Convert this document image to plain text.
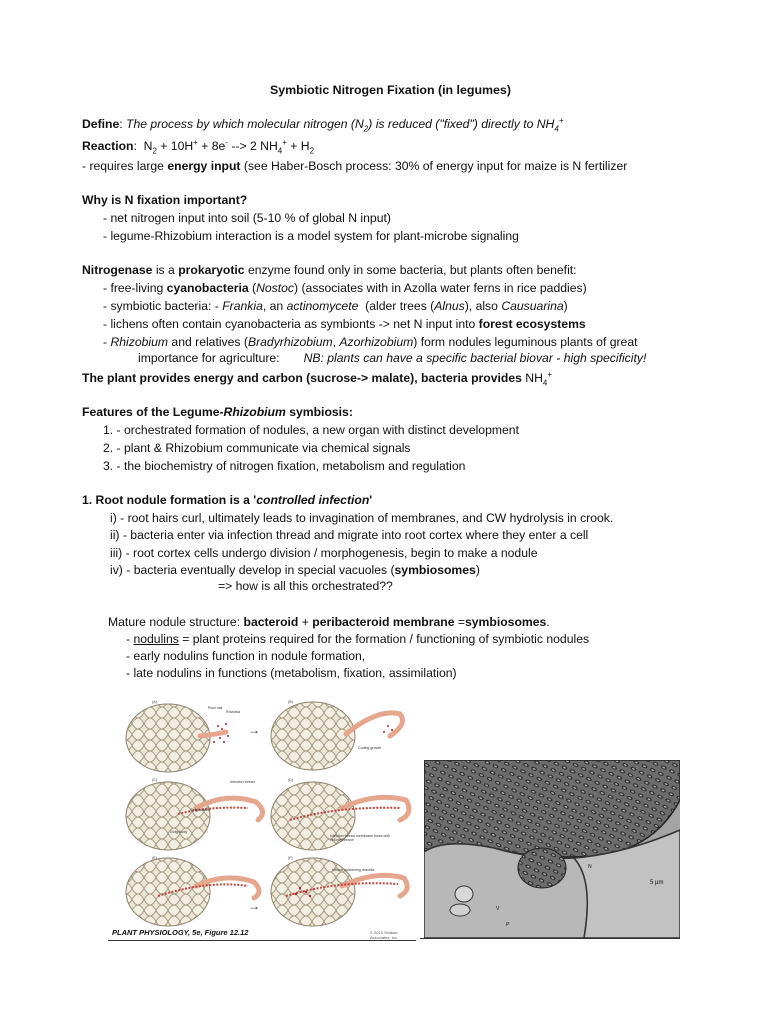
Symbiotic Nitrogen Fixation (in legumes)
Define: The process by which molecular nitrogen $(N_2)$ is reduced ("fixed") directly to $NH_4^+$
Reaction:  $N_2 + 10H^+ + 8e^-$ --> 2 $NH_4^+ + H_2$
- requires large energy input (see Haber-Bosch process: 30% of energy input for maize is N fertilizer
Why is N fixation important?
- net nitrogen input into soil (5-10 % of global N input)
- legume-Rhizobium interaction is a model system for plant-microbe signaling
Nitrogenase is a prokaryotic enzyme found only in some bacteria, but plants often benefit:
- free-living cyanobacteria (Nostoc) (associates with in Azolla water ferns in rice paddies)
- symbiotic bacteria: - Frankia, an actinomycete  (alder trees (Alnus), also Causuarina)
- lichens often contain cyanobacteria as symbionts -> net N input into forest ecosystems
- Rhizobium and relatives (Bradyrhizobium, Azorhizobium) form nodules leguminous plants of great
importance for agriculture: NB: plants can have a specific bacterial biovar - high specificity!
The plant provides energy and carbon (sucrose-> malate), bacteria provides $NH_4^+$
Features of the Legume-Rhizobium symbiosis:
1. - orchestrated formation of nodules, a new organ with distinct development
2. - plant & Rhizobium communicate via chemical signals
3. - the biochemistry of nitrogen fixation, metabolism and regulation
1. Root nodule formation is a 'controlled infection'
i) - root hairs curl, ultimately leads to invagination of membranes, and CW hydrolysis in crook.
ii) - bacteria enter via infection thread and migrate into root cortex where they enter a cell
iii) - root cortex cells undergo division / morphogenesis, begin to make a nodule
iv) - bacteria eventually develop in special vacuoles (symbiosomes)
=> how is all this orchestrated??
Mature nodule structure: bacteroid + peribacteroid membrane =symbiosomes.
- nodulins = plant proteins required for the formation / functioning of symbiotic nodules
- early nodulins function in nodule formation,
- late nodulins in functions (metabolism, fixation, assimilation)
→
→
(A)	(B)
(C)	(D)
(E)	(F)
Root hair
Rhizobia
Curling growth
Infection thread
Golgi vesicle
Golgi body
Infection thread membrane fuses with cell membrane
Vesicle containing rhizobia
PLANT PHYSIOLOGY, 5e, Figure 12.12	© 2010 Sinauer Associates, Inc.
5 µm
N
V
P
